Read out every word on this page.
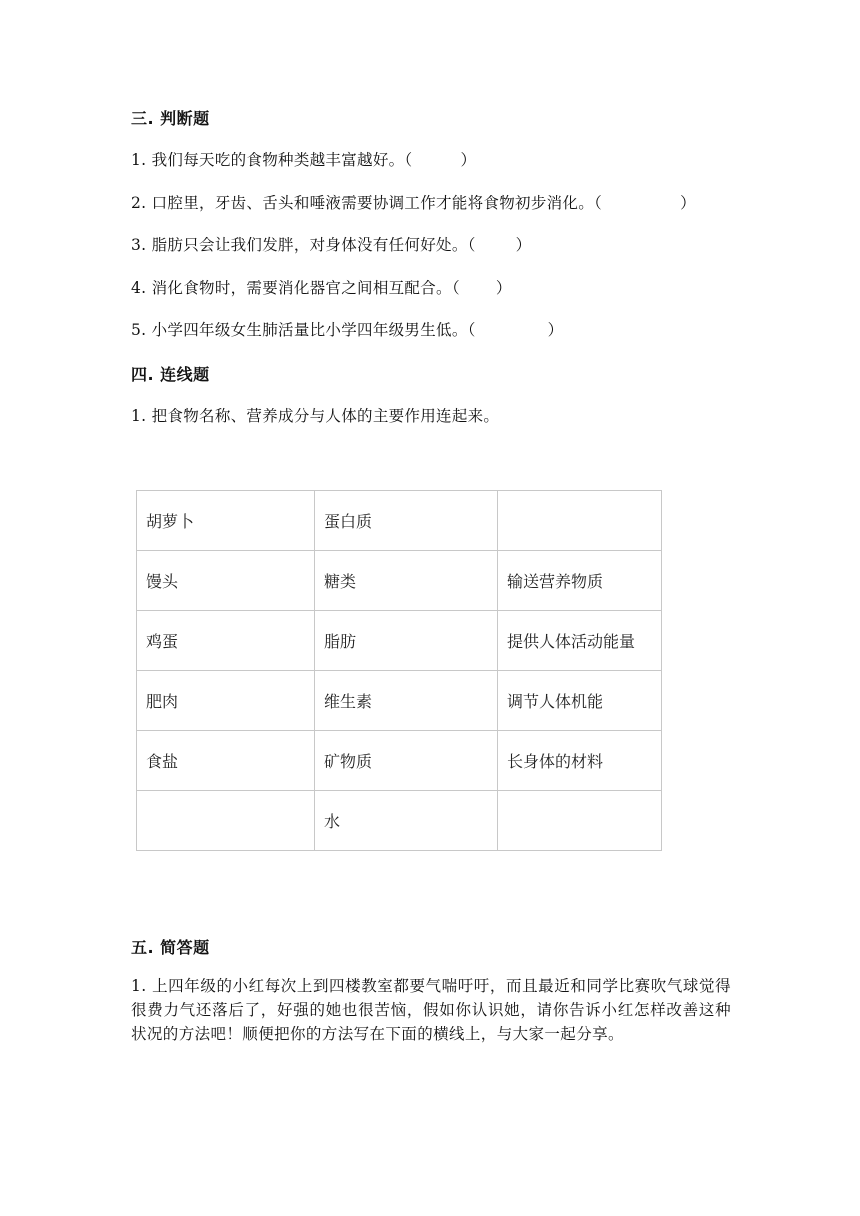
三. 判断题
1. 我们每天吃的食物种类越丰富越好。（	）
2. 口腔里，牙齿、舌头和唾液需要协调工作才能将食物初步消化。（	）
3. 脂肪只会让我们发胖，对身体没有任何好处。（	）
4. 消化食物时，需要消化器官之间相互配合。（ ）
5. 小学四年级女生肺活量比小学四年级男生低。（	）
四. 连线题
1. 把食物名称、营养成分与人体的主要作用连起来。
胡萝卜	蛋白质	
馒头	糖类	输送营养物质
鸡蛋	脂肪	提供人体活动能量
肥肉	维生素	调节人体机能
食盐	矿物质	长身体的材料
	水	
五. 简答题
1. 上四年级的小红每次上到四楼教室都要气喘吁吁，而且最近和同学比赛吹气球觉得很费力气还落后了，好强的她也很苦恼，假如你认识她，请你告诉小红怎样改善这种状况的方法吧！顺便把你的方法写在下面的横线上，与大家一起分享。
